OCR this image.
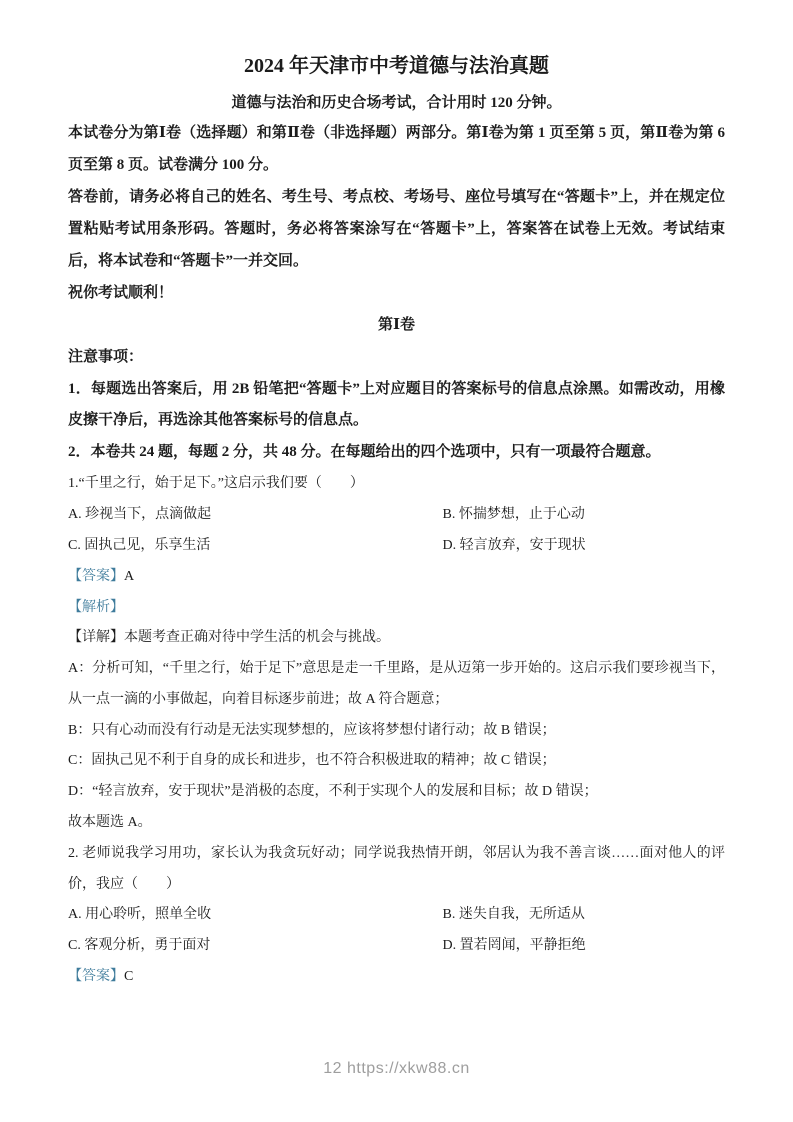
2024 年天津市中考道德与法治真题

道德与法治和历史合场考试，合计用时 120 分钟。

本试卷分为第Ⅰ卷（选择题）和第Ⅱ卷（非选择题）两部分。第Ⅰ卷为第 1 页至第 5 页，第Ⅱ卷为第 6 页至第 8 页。试卷满分 100 分。

答卷前，请务必将自己的姓名、考生号、考点校、考场号、座位号填写在“答题卡”上，并在规定位置粘贴考试用条形码。答题时，务必将答案涂写在“答题卡”上，答案答在试卷上无效。考试结束后，将本试卷和“答题卡”一并交回。

祝你考试顺利！

第Ⅰ卷

注意事项：

1．每题选出答案后，用 2B 铅笔把“答题卡”上对应题目的答案标号的信息点涂黑。如需改动，用橡皮擦干净后，再选涂其他答案标号的信息点。

2．本卷共 24 题，每题 2 分，共 48 分。在每题给出的四个选项中，只有一项最符合题意。

1.“千里之行，始于足下。”这启示我们要（　　）

A. 珍视当下，点滴做起	B. 怀揣梦想，止于心动
C. 固执己见，乐享生活	D. 轻言放弃，安于现状

【答案】A

【解析】

【详解】本题考查正确对待中学生活的机会与挑战。

A：分析可知，“千里之行，始于足下”意思是走一千里路，是从迈第一步开始的。这启示我们要珍视当下，从一点一滴的小事做起，向着目标逐步前进；故 A 符合题意；

B：只有心动而没有行动是无法实现梦想的，应该将梦想付诸行动；故 B 错误；

C：固执己见不利于自身的成长和进步，也不符合积极进取的精神；故 C 错误；

D：“轻言放弃，安于现状”是消极的态度，不利于实现个人的发展和目标；故 D 错误；

故本题选 A。

2. 老师说我学习用功，家长认为我贪玩好动；同学说我热情开朗，邻居认为我不善言谈……面对他人的评价，我应（　　）

A. 用心聆听，照单全收	B. 迷失自我，无所适从
C. 客观分析，勇于面对	D. 置若罔闻，平静拒绝

【答案】C

12 https://xkw88.cn
